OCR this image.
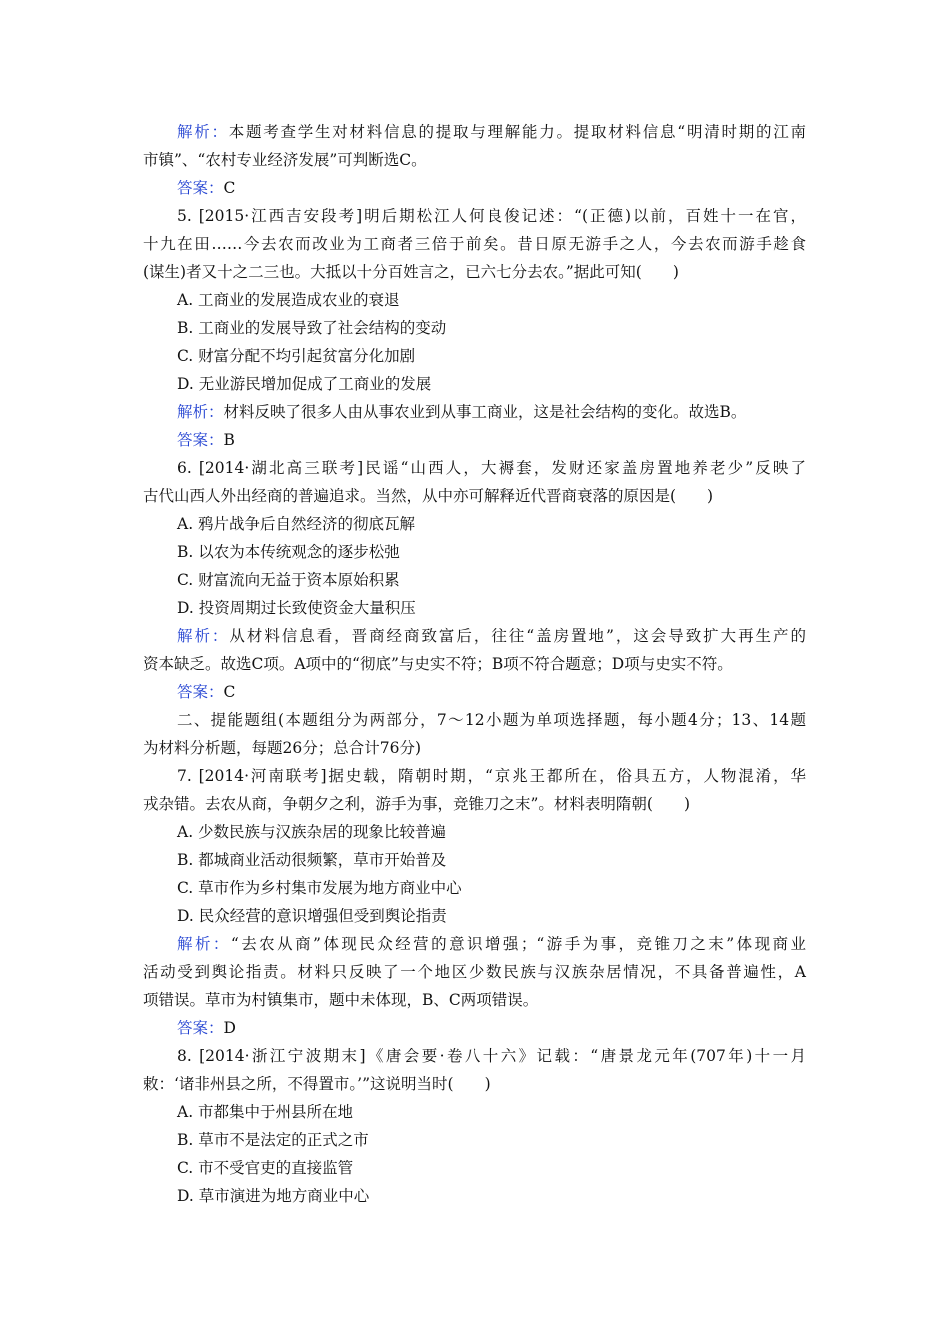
解析：本题考查学生对材料信息的提取与理解能力。提取材料信息“明清时期的江南
市镇”、“农村专业经济发展”可判断选C。
答案：C
5. [2015·江西吉安段考]明后期松江人何良俊记述：“(正德)以前，百姓十一在官，
十九在田……今去农而改业为工商者三倍于前矣。昔日原无游手之人，今去农而游手趁食
(谋生)者又十之二三也。大抵以十分百姓言之，已六七分去农。”据此可知(　　)
A. 工商业的发展造成农业的衰退
B. 工商业的发展导致了社会结构的变动
C. 财富分配不均引起贫富分化加剧
D. 无业游民增加促成了工商业的发展
解析：材料反映了很多人由从事农业到从事工商业，这是社会结构的变化。故选B。
答案：B
6. [2014·湖北高三联考]民谣“山西人，大褥套，发财还家盖房置地养老少”反映了
古代山西人外出经商的普遍追求。当然，从中亦可解释近代晋商衰落的原因是(　　)
A. 鸦片战争后自然经济的彻底瓦解
B. 以农为本传统观念的逐步松弛
C. 财富流向无益于资本原始积累
D. 投资周期过长致使资金大量积压
解析：从材料信息看，晋商经商致富后，往往“盖房置地”，这会导致扩大再生产的
资本缺乏。故选C项。A项中的“彻底”与史实不符；B项不符合题意；D项与史实不符。
答案：C
二、提能题组(本题组分为两部分，7～12小题为单项选择题，每小题4分；13、14题
为材料分析题，每题26分；总合计76分)
7. [2014·河南联考]据史载，隋朝时期，“京兆王都所在，俗具五方，人物混淆，华
戎杂错。去农从商，争朝夕之利，游手为事，竞锥刀之末”。材料表明隋朝(　　)
A. 少数民族与汉族杂居的现象比较普遍
B. 都城商业活动很频繁，草市开始普及
C. 草市作为乡村集市发展为地方商业中心
D. 民众经营的意识增强但受到舆论指责
解析：“去农从商”体现民众经营的意识增强；“游手为事，竞锥刀之末”体现商业
活动受到舆论指责。材料只反映了一个地区少数民族与汉族杂居情况，不具备普遍性，A
项错误。草市为村镇集市，题中未体现，B、C两项错误。
答案：D
8. [2014·浙江宁波期末]《唐会要·卷八十六》记载：“唐景龙元年(707年)十一月
敕：‘诸非州县之所，不得置市。’”这说明当时(　　)
A. 市都集中于州县所在地
B. 草市不是法定的正式之市
C. 市不受官吏的直接监管
D. 草市演进为地方商业中心
